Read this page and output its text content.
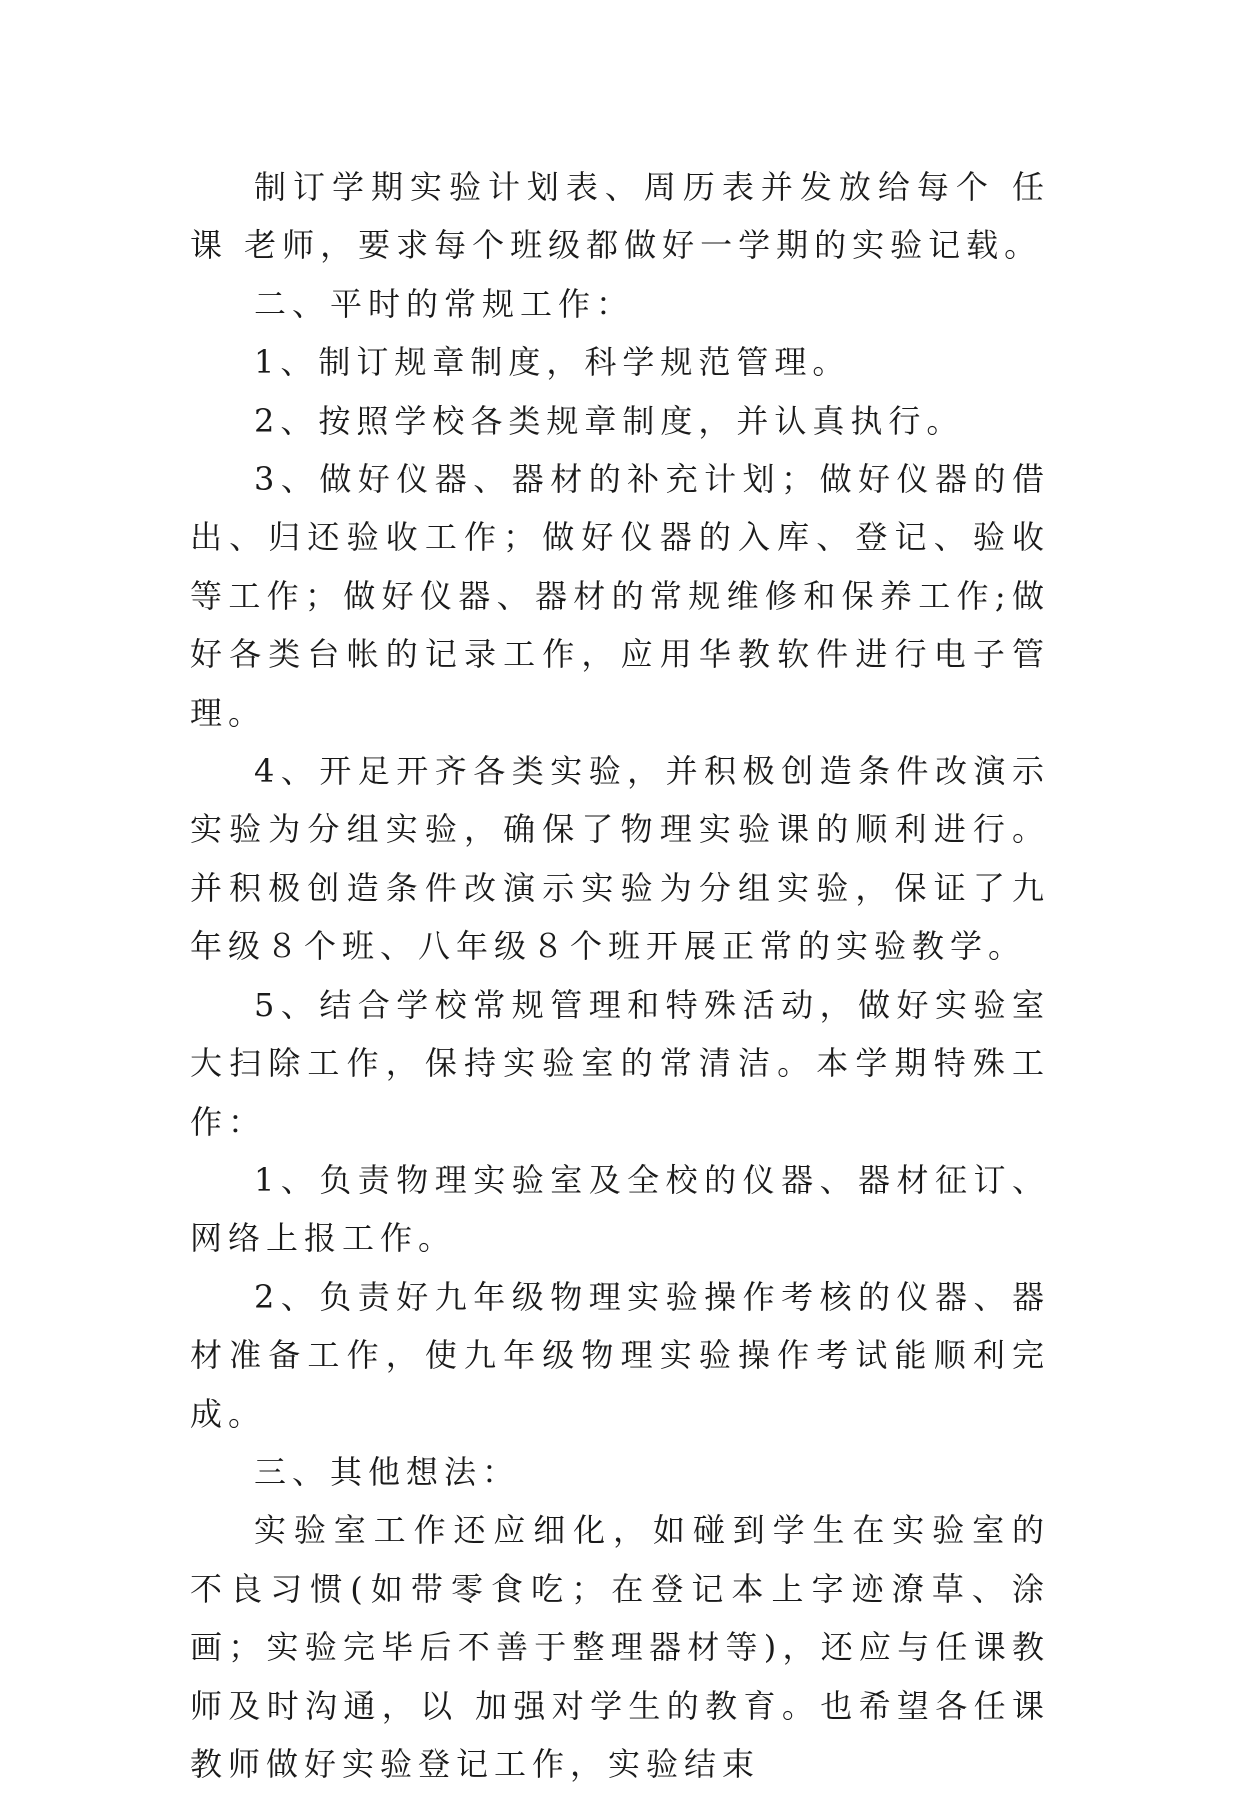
制订学期实验计划表、周历表并发放给每个 任课 老师，要求每个班级都做好一学期的实验记载。

二、平时的常规工作：

1、制订规章制度，科学规范管理。

2、按照学校各类规章制度，并认真执行。

3、做好仪器、器材的补充计划；做好仪器的借出、归还验收工作；做好仪器的入库、登记、验收等工作；做好仪器、器材的常规维修和保养工作;做好各类台帐的记录工作，应用华教软件进行电子管理。

4、开足开齐各类实验，并积极创造条件改演示实验为分组实验，确保了物理实验课的顺利进行。并积极创造条件改演示实验为分组实验，保证了九年级８个班、八年级８个班开展正常的实验教学。

5、结合学校常规管理和特殊活动，做好实验室大扫除工作，保持实验室的常清洁。本学期特殊工作：

1、负责物理实验室及全校的仪器、器材征订、网络上报工作。

2、负责好九年级物理实验操作考核的仪器、器材准备工作，使九年级物理实验操作考试能顺利完成。

三、其他想法：

实验室工作还应细化，如碰到学生在实验室的不良习惯(如带零食吃；在登记本上字迹潦草、涂画；实验完毕后不善于整理器材等)，还应与任课教师及时沟通，以 加强对学生的教育。也希望各任课教师做好实验登记工作，实验结束
